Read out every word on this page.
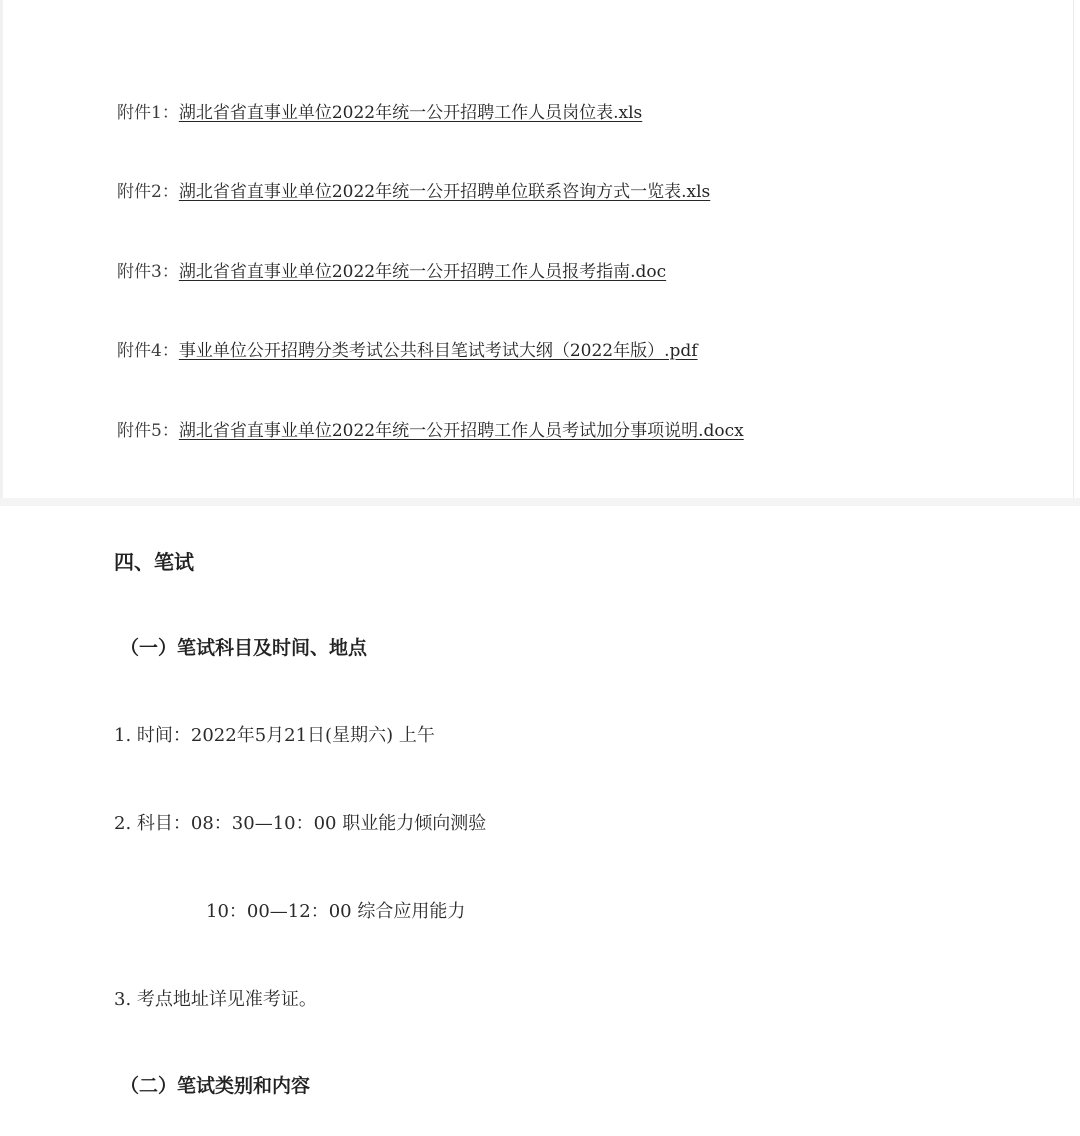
附件1：湖北省省直事业单位2022年统一公开招聘工作人员岗位表.xls
附件2：湖北省省直事业单位2022年统一公开招聘单位联系咨询方式一览表.xls
附件3：湖北省省直事业单位2022年统一公开招聘工作人员报考指南.doc
附件4：事业单位公开招聘分类考试公共科目笔试考试大纲（2022年版）.pdf
附件5：湖北省省直事业单位2022年统一公开招聘工作人员考试加分事项说明.docx
四、笔试
（一）笔试科目及时间、地点
1. 时间：2022年5月21日(星期六) 上午
2. 科目：08：30—10：00 职业能力倾向测验
10：00—12：00 综合应用能力
3. 考点地址详见准考证。
（二）笔试类别和内容
